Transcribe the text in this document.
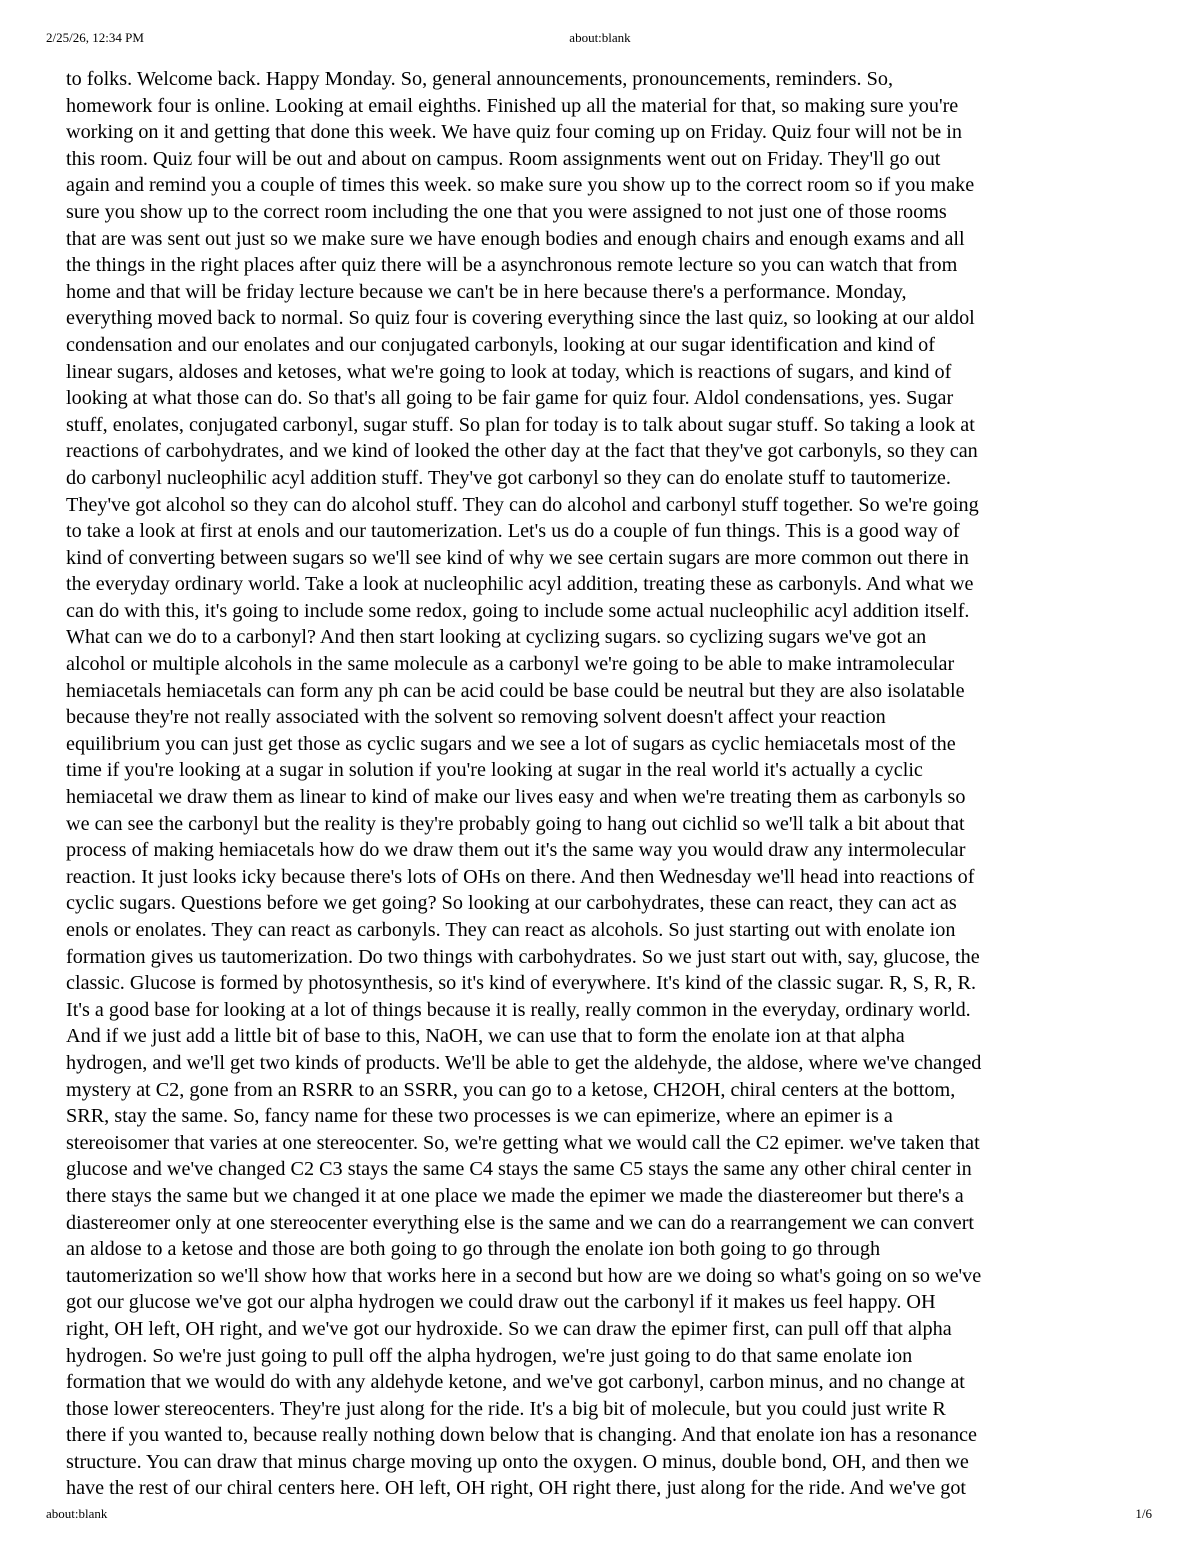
2/25/26, 12:34 PM	about:blank
to folks. Welcome back. Happy Monday. So, general announcements, pronouncements, reminders. So,
homework four is online. Looking at email eighths. Finished up all the material for that, so making sure you're
working on it and getting that done this week. We have quiz four coming up on Friday. Quiz four will not be in
this room. Quiz four will be out and about on campus. Room assignments went out on Friday. They'll go out
again and remind you a couple of times this week. so make sure you show up to the correct room so if you make
sure you show up to the correct room including the one that you were assigned to not just one of those rooms
that are was sent out just so we make sure we have enough bodies and enough chairs and enough exams and all
the things in the right places after quiz there will be a asynchronous remote lecture so you can watch that from
home and that will be friday lecture because we can't be in here because there's a performance. Monday,
everything moved back to normal. So quiz four is covering everything since the last quiz, so looking at our aldol
condensation and our enolates and our conjugated carbonyls, looking at our sugar identification and kind of
linear sugars, aldoses and ketoses, what we're going to look at today, which is reactions of sugars, and kind of
looking at what those can do. So that's all going to be fair game for quiz four. Aldol condensations, yes. Sugar
stuff, enolates, conjugated carbonyl, sugar stuff. So plan for today is to talk about sugar stuff. So taking a look at
reactions of carbohydrates, and we kind of looked the other day at the fact that they've got carbonyls, so they can
do carbonyl nucleophilic acyl addition stuff. They've got carbonyl so they can do enolate stuff to tautomerize.
They've got alcohol so they can do alcohol stuff. They can do alcohol and carbonyl stuff together. So we're going
to take a look at first at enols and our tautomerization. Let's us do a couple of fun things. This is a good way of
kind of converting between sugars so we'll see kind of why we see certain sugars are more common out there in
the everyday ordinary world. Take a look at nucleophilic acyl addition, treating these as carbonyls. And what we
can do with this, it's going to include some redox, going to include some actual nucleophilic acyl addition itself.
What can we do to a carbonyl? And then start looking at cyclizing sugars. so cyclizing sugars we've got an
alcohol or multiple alcohols in the same molecule as a carbonyl we're going to be able to make intramolecular
hemiacetals hemiacetals can form any ph can be acid could be base could be neutral but they are also isolatable
because they're not really associated with the solvent so removing solvent doesn't affect your reaction
equilibrium you can just get those as cyclic sugars and we see a lot of sugars as cyclic hemiacetals most of the
time if you're looking at a sugar in solution if you're looking at sugar in the real world it's actually a cyclic
hemiacetal we draw them as linear to kind of make our lives easy and when we're treating them as carbonyls so
we can see the carbonyl but the reality is they're probably going to hang out cichlid so we'll talk a bit about that
process of making hemiacetals how do we draw them out it's the same way you would draw any intermolecular
reaction. It just looks icky because there's lots of OHs on there. And then Wednesday we'll head into reactions of
cyclic sugars. Questions before we get going? So looking at our carbohydrates, these can react, they can act as
enols or enolates. They can react as carbonyls. They can react as alcohols. So just starting out with enolate ion
formation gives us tautomerization. Do two things with carbohydrates. So we just start out with, say, glucose, the
classic. Glucose is formed by photosynthesis, so it's kind of everywhere. It's kind of the classic sugar. R, S, R, R.
It's a good base for looking at a lot of things because it is really, really common in the everyday, ordinary world.
And if we just add a little bit of base to this, NaOH, we can use that to form the enolate ion at that alpha
hydrogen, and we'll get two kinds of products. We'll be able to get the aldehyde, the aldose, where we've changed
mystery at C2, gone from an RSRR to an SSRR, you can go to a ketose, CH2OH, chiral centers at the bottom,
SRR, stay the same. So, fancy name for these two processes is we can epimerize, where an epimer is a
stereoisomer that varies at one stereocenter. So, we're getting what we would call the C2 epimer. we've taken that
glucose and we've changed C2 C3 stays the same C4 stays the same C5 stays the same any other chiral center in
there stays the same but we changed it at one place we made the epimer we made the diastereomer but there's a
diastereomer only at one stereocenter everything else is the same and we can do a rearrangement we can convert
an aldose to a ketose and those are both going to go through the enolate ion both going to go through
tautomerization so we'll show how that works here in a second but how are we doing so what's going on so we've
got our glucose we've got our alpha hydrogen we could draw out the carbonyl if it makes us feel happy. OH
right, OH left, OH right, and we've got our hydroxide. So we can draw the epimer first, can pull off that alpha
hydrogen. So we're just going to pull off the alpha hydrogen, we're just going to do that same enolate ion
formation that we would do with any aldehyde ketone, and we've got carbonyl, carbon minus, and no change at
those lower stereocenters. They're just along for the ride. It's a big bit of molecule, but you could just write R
there if you wanted to, because really nothing down below that is changing. And that enolate ion has a resonance
structure. You can draw that minus charge moving up onto the oxygen. O minus, double bond, OH, and then we
have the rest of our chiral centers here. OH left, OH right, OH right there, just along for the ride. And we've got
about:blank	1/6
